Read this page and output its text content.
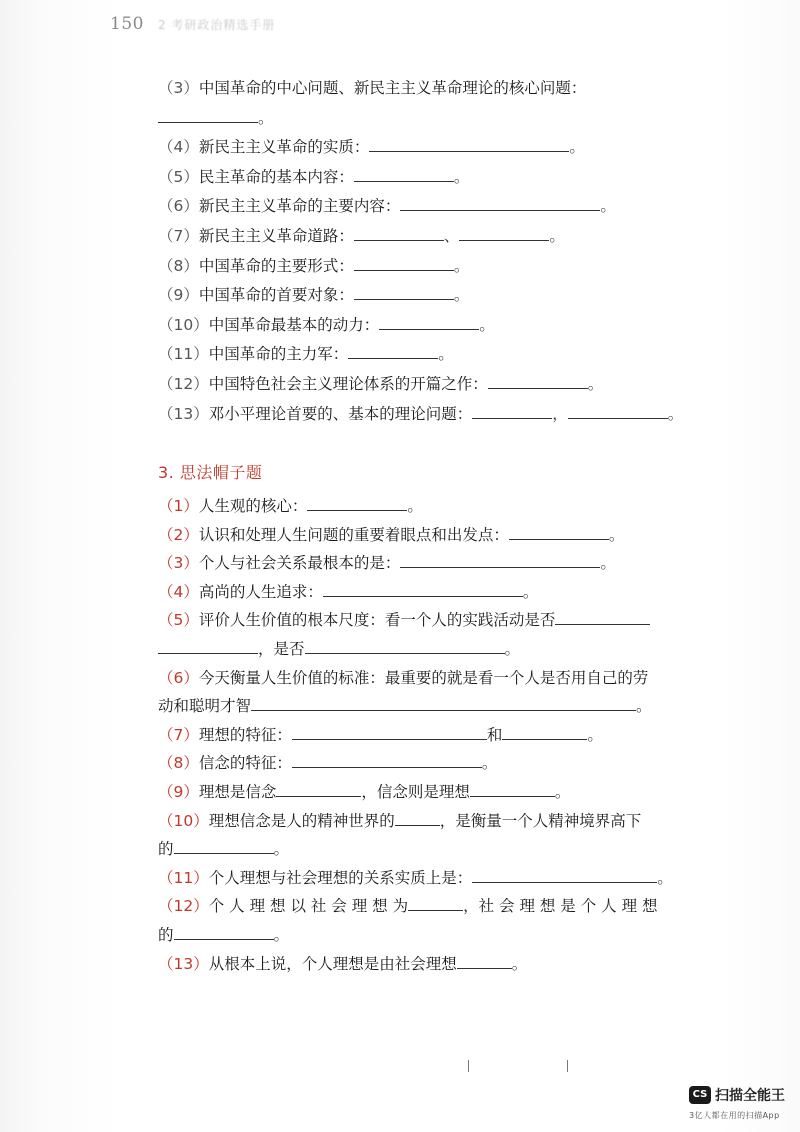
150 2 考研政治精选手册
（3）中国革命的中心问题、新民主主义革命理论的核心问题：
。
（4）新民主主义革命的实质：	。
（5）民主革命的基本内容：	。
（6）新民主主义革命的主要内容：	。
（7）新民主主义革命道路：	、	。
（8）中国革命的主要形式：	。
（9）中国革命的首要对象：	。
（10）中国革命最基本的动力：	。
（11）中国革命的主力军：	。
（12）中国特色社会主义理论体系的开篇之作：	。
（13）邓小平理论首要的、基本的理论问题：	，	。
3. 思法帽子题
（1）人生观的核心：	。
（2）认识和处理人生问题的重要着眼点和出发点：	。
（3）个人与社会关系最根本的是：	。
（4）高尚的人生追求：	。
（5）评价人生价值的根本尺度：看一个人的实践活动是否
，是否	。
（6）今天衡量人生价值的标准：最重要的就是看一个人是否用自己的劳
动和聪明才智	。
（7）理想的特征：	和	。
（8）信念的特征：	。
（9）理想是信念	，信念则是理想	。
（10）理想信念是人的精神世界的	，是衡量一个人精神境界高下
的	。
（11）个人理想与社会理想的关系实质上是：	。
（12）个 人 理 想 以 社 会 理 想 为	，社 会 理 想 是 个 人 理 想
的	。
（13）从根本上说，个人理想是由社会理想	。
CS 扫描全能王
3亿人都在用的扫描App
